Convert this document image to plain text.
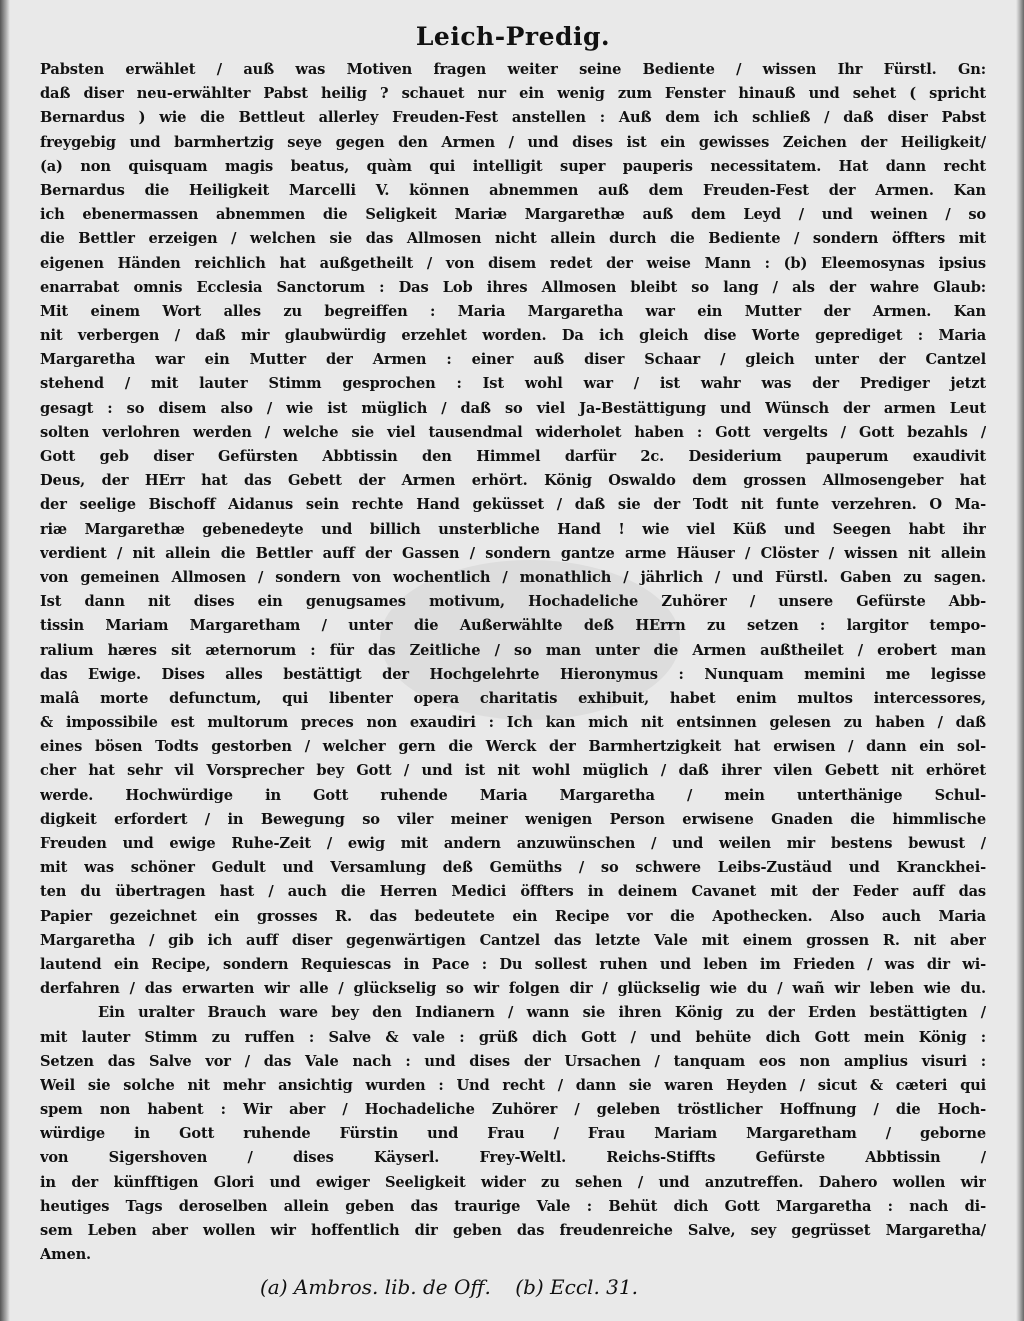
Leich-Predig.
Pabsten erwählet / auß was Motiven fragen weiter seine Bediente / wissen Ihr Fürstl. Gn:
daß diser neu-erwählter Pabst heilig ? schauet nur ein wenig zum Fenster hinauß und sehet ( spricht
Bernardus ) wie die Bettleut allerley Freuden-Fest anstellen : Auß dem ich schließ / daß diser Pabst
freygebig und barmhertzig seye gegen den Armen / und dises ist ein gewisses Zeichen der Heiligkeit/
(a) non quisquam magis beatus, quàm qui intelligit super pauperis necessitatem. Hat dann recht
Bernardus die Heiligkeit Marcelli V. können abnemmen auß dem Freuden-Fest der Armen. Kan
ich ebenermassen abnemmen die Seligkeit Mariæ Margarethæ auß dem Leyd / und weinen / so
die Bettler erzeigen / welchen sie das Allmosen nicht allein durch die Bediente / sondern öffters mit
eigenen Händen reichlich hat außgetheilt / von disem redet der weise Mann : (b) Eleemosynas ipsius
enarrabat omnis Ecclesia Sanctorum : Das Lob ihres Allmosen bleibt so lang / als der wahre Glaub:
Mit einem Wort alles zu begreiffen : Maria Margaretha war ein Mutter der Armen. Kan
nit verbergen / daß mir glaubwürdig erzehlet worden. Da ich gleich dise Worte geprediget : Maria
Margaretha war ein Mutter der Armen : einer auß diser Schaar / gleich unter der Cantzel
stehend / mit lauter Stimm gesprochen : Ist wohl war / ist wahr was der Prediger jetzt
gesagt : so disem also / wie ist müglich / daß so viel Ja-Bestättigung und Wünsch der armen Leut
solten verlohren werden / welche sie viel tausendmal widerholet haben : Gott vergelts / Gott bezahls /
Gott geb diser Gefürsten Abbtissin den Himmel darfür 2c. Desiderium pauperum exaudivit
Deus, der HErr hat das Gebett der Armen erhört. König Oswaldo dem grossen Allmosengeber hat
der seelige Bischoff Aidanus sein rechte Hand geküsset / daß sie der Todt nit funte verzehren. O Ma-
riæ Margarethæ gebenedeyte und billich unsterbliche Hand ! wie viel Küß und Seegen habt ihr
verdient / nit allein die Bettler auff der Gassen / sondern gantze arme Häuser / Clöster / wissen nit allein
von gemeinen Allmosen / sondern von wochentlich / monathlich / jährlich / und Fürstl. Gaben zu sagen.
Ist dann nit dises ein genugsames motivum, Hochadeliche Zuhörer / unsere Gefürste Abb-
tissin Mariam Margaretham / unter die Außerwählte deß HErrn zu setzen : largitor tempo-
ralium hæres sit æternorum : für das Zeitliche / so man unter die Armen außtheilet / erobert man
das Ewige. Dises alles bestättigt der Hochgelehrte Hieronymus : Nunquam memini me legisse
malâ morte defunctum, qui libenter opera charitatis exhibuit, habet enim multos intercessores,
& impossibile est multorum preces non exaudiri : Ich kan mich nit entsinnen gelesen zu haben / daß
eines bösen Todts gestorben / welcher gern die Werck der Barmhertzigkeit hat erwisen / dann ein sol-
cher hat sehr vil Vorsprecher bey Gott / und ist nit wohl müglich / daß ihrer vilen Gebett nit erhöret
werde. Hochwürdige in Gott ruhende Maria Margaretha / mein unterthänige Schul-
digkeit erfordert / in Bewegung so viler meiner wenigen Person erwisene Gnaden die himmlische
Freuden und ewige Ruhe-Zeit / ewig mit andern anzuwünschen / und weilen mir bestens bewust /
mit was schöner Gedult und Versamlung deß Gemüths / so schwere Leibs-Zustäud und Kranckhei-
ten du übertragen hast / auch die Herren Medici öffters in deinem Cavanet mit der Feder auff das
Papier gezeichnet ein grosses R. das bedeutete ein Recipe vor die Apothecken. Also auch Maria
Margaretha / gib ich auff diser gegenwärtigen Cantzel das letzte Vale mit einem grossen R. nit aber
lautend ein Recipe, sondern Requiescas in Pace : Du sollest ruhen und leben im Frieden / was dir wi-
derfahren / das erwarten wir alle / glückselig so wir folgen dir / glückselig wie du / wañ wir leben wie du.
Ein uralter Brauch ware bey den Indianern / wann sie ihren König zu der Erden bestättigten /
mit lauter Stimm zu ruffen : Salve & vale : grüß dich Gott / und behüte dich Gott mein König :
Setzen das Salve vor / das Vale nach : und dises der Ursachen / tanquam eos non amplius visuri :
Weil sie solche nit mehr ansichtig wurden : Und recht / dann sie waren Heyden / sicut & cæteri qui
spem non habent : Wir aber / Hochadeliche Zuhörer / geleben tröstlicher Hoffnung / die Hoch-
würdige in Gott ruhende Fürstin und Frau / Frau Mariam Margaretham / geborne
von Sigershoven / dises Käyserl. Frey-Weltl. Reichs-Stiffts Gefürste Abbtissin /
in der künfftigen Glori und ewiger Seeligkeit wider zu sehen / und anzutreffen. Dahero wollen wir
heutiges Tags deroselben allein geben das traurige Vale : Behüt dich Gott Margaretha : nach di-
sem Leben aber wollen wir hoffentlich dir geben das freudenreiche Salve, sey gegrüsset Margaretha/
Amen.
(a) Ambros. lib. de Off. (b) Eccl. 31.
